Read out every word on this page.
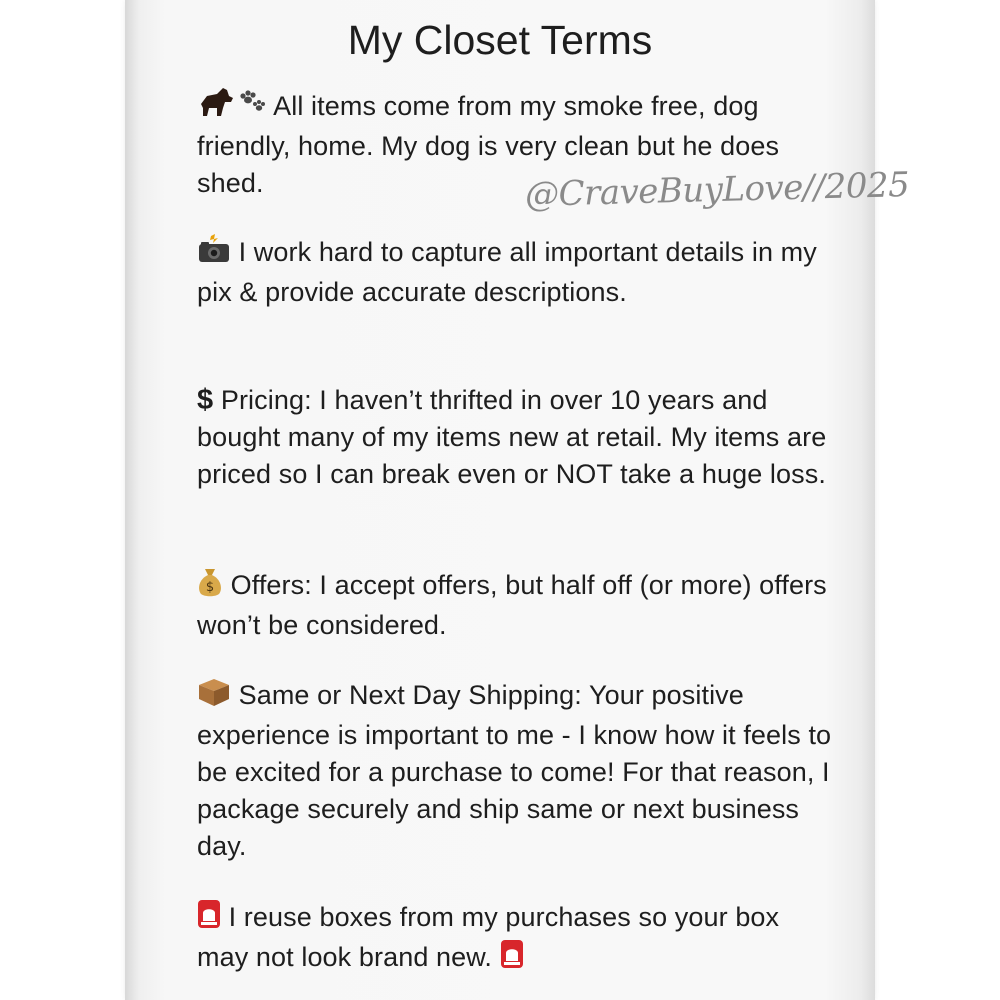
My Closet Terms
All items come from my smoke free, dog friendly, home. My dog is very clean but he does shed.	@CraveBuyLove//2025
I work hard to capture all important details in my pix & provide accurate descriptions.
$ Pricing: I haven’t thrifted in over 10 years and bought many of my items new at retail. My items are priced so I can break even or NOT take a huge loss.
$ Offers: I accept offers, but half off (or more) offers won’t be considered.
Same or Next Day Shipping: Your positive experience is important to me - I know how it feels to be excited for a purchase to come! For that reason, I package securely and ship same or next business day.
I reuse boxes from my purchases so your box may not look brand new.
